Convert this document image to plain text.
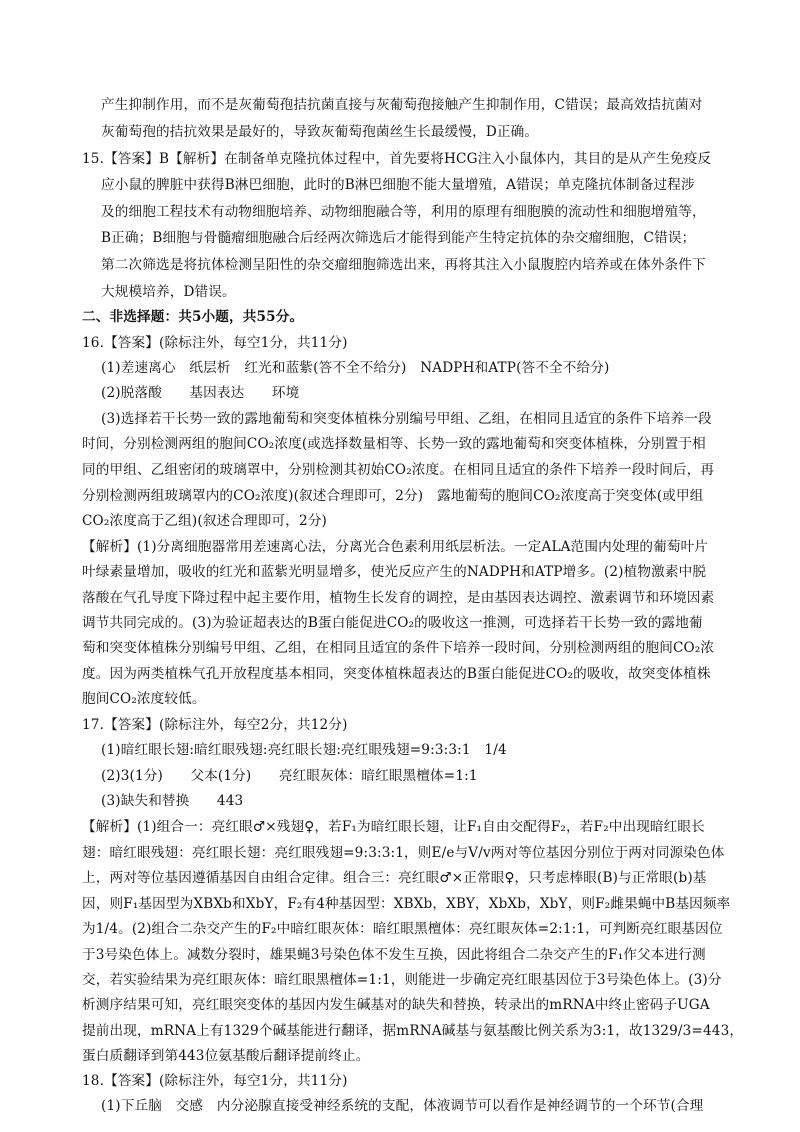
产生抑制作用，而不是灰葡萄孢拮抗菌直接与灰葡萄孢接触产生抑制作用，C错误；最高效拮抗菌对
灰葡萄孢的拮抗效果是最好的，导致灰葡萄孢菌丝生长最缓慢，D正确。
15.【答案】B【解析】在制备单克隆抗体过程中，首先要将HCG注入小鼠体内，其目的是从产生免疫反
应小鼠的脾脏中获得B淋巴细胞，此时的B淋巴细胞不能大量增殖，A错误；单克隆抗体制备过程涉
及的细胞工程技术有动物细胞培养、动物细胞融合等，利用的原理有细胞膜的流动性和细胞增殖等，
B正确；B细胞与骨髓瘤细胞融合后经两次筛选后才能得到能产生特定抗体的杂交瘤细胞，C错误；
第二次筛选是将抗体检测呈阳性的杂交瘤细胞筛选出来，再将其注入小鼠腹腔内培养或在体外条件下
大规模培养，D错误。
二、非选择题：共5小题，共55分。
16.【答案】(除标注外，每空1分，共11分)
(1)差速离心　纸层析　红光和蓝紫(答不全不给分)　NADPH和ATP(答不全不给分)
(2)脱落酸　　基因表达　　环境
(3)选择若干长势一致的露地葡萄和突变体植株分别编号甲组、乙组，在相同且适宜的条件下培养一段
时间，分别检测两组的胞间CO₂浓度(或选择数量相等、长势一致的露地葡萄和突变体植株，分别置于相
同的甲组、乙组密闭的玻璃罩中，分别检测其初始CO₂浓度。在相同且适宜的条件下培养一段时间后，再
分别检测两组玻璃罩内的CO₂浓度)(叙述合理即可，2分)　露地葡萄的胞间CO₂浓度高于突变体(或甲组
CO₂浓度高于乙组)(叙述合理即可，2分)
【解析】(1)分离细胞器常用差速离心法，分离光合色素利用纸层析法。一定ALA范围内处理的葡萄叶片
叶绿素量增加，吸收的红光和蓝紫光明显增多，使光反应产生的NADPH和ATP增多。(2)植物激素中脱
落酸在气孔导度下降过程中起主要作用，植物生长发育的调控，是由基因表达调控、激素调节和环境因素
调节共同完成的。(3)为验证超表达的B蛋白能促进CO₂的吸收这一推测，可选择若干长势一致的露地葡
萄和突变体植株分别编号甲组、乙组，在相同且适宜的条件下培养一段时间，分别检测两组的胞间CO₂浓
度。因为两类植株气孔开放程度基本相同，突变体植株超表达的B蛋白能促进CO₂的吸收，故突变体植株
胞间CO₂浓度较低。
17.【答案】(除标注外，每空2分，共12分)
(1)暗红眼长翅:暗红眼残翅:亮红眼长翅:亮红眼残翅=9:3:3:1　1/4
(2)3(1分)　　父本(1分)　　亮红眼灰体：暗红眼黑檀体=1:1
(3)缺失和替换　　443
【解析】(1)组合一：亮红眼♂×残翅♀，若F₁为暗红眼长翅，让F₁自由交配得F₂，若F₂中出现暗红眼长
翅：暗红眼残翅：亮红眼长翅：亮红眼残翅=9:3:3:1，则E/e与V/v两对等位基因分别位于两对同源染色体
上，两对等位基因遵循基因自由组合定律。组合三：亮红眼♂×正常眼♀，只考虑棒眼(B)与正常眼(b)基
因，则F₁基因型为XBXb和XbY，F₂有4种基因型：XBXb，XBY，XbXb，XbY，则F₂雌果蝇中B基因频率
为1/4。(2)组合二杂交产生的F₂中暗红眼灰体：暗红眼黑檀体：亮红眼灰体=2:1:1，可判断亮红眼基因位
于3号染色体上。减数分裂时，雄果蝇3号染色体不发生互换，因此将组合二杂交产生的F₁作父本进行测
交，若实验结果为亮红眼灰体：暗红眼黑檀体=1:1，则能进一步确定亮红眼基因位于3号染色体上。(3)分
析测序结果可知，亮红眼突变体的基因内发生碱基对的缺失和替换，转录出的mRNA中终止密码子UGA
提前出现，mRNA上有1329个碱基能进行翻译，据mRNA碱基与氨基酸比例关系为3:1，故1329/3=443，
蛋白质翻译到第443位氨基酸后翻译提前终止。
18.【答案】(除标注外，每空1分，共11分)
(1)下丘脑　交感　内分泌腺直接受神经系统的支配，体液调节可以看作是神经调节的一个环节(合理
